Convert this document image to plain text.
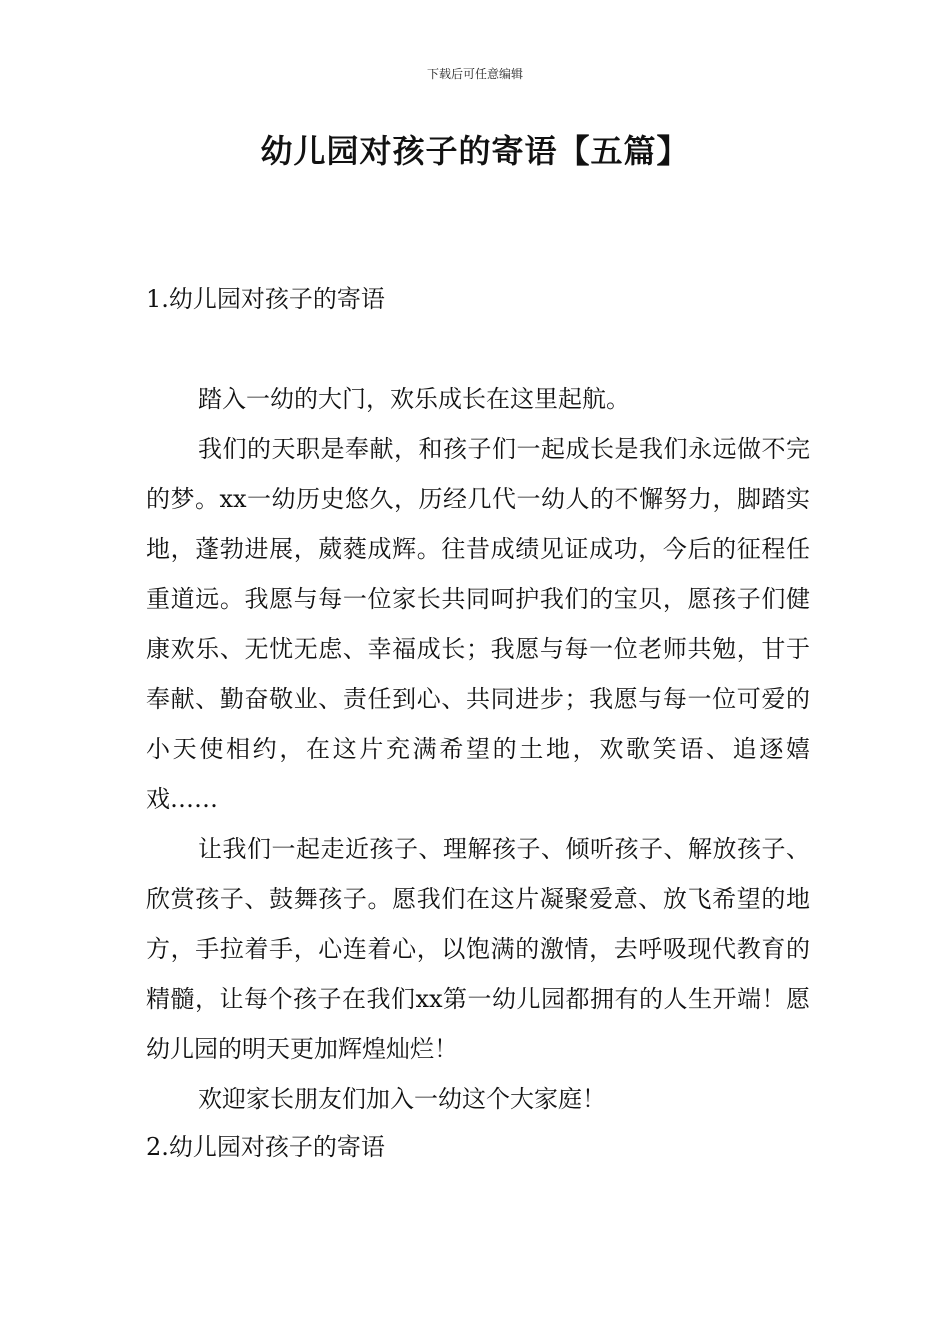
下载后可任意编辑
幼儿园对孩子的寄语【五篇】
1.幼儿园对孩子的寄语

踏入一幼的大门，欢乐成长在这里起航。

我们的天职是奉献，和孩子们一起成长是我们永远做不完的梦。xx一幼历史悠久，历经几代一幼人的不懈努力，脚踏实地，蓬勃进展，葳蕤成辉。往昔成绩见证成功，今后的征程任重道远。我愿与每一位家长共同呵护我们的宝贝，愿孩子们健康欢乐、无忧无虑、幸福成长；我愿与每一位老师共勉，甘于奉献、勤奋敬业、责任到心、共同进步；我愿与每一位可爱的小天使相约，在这片充满希望的土地，欢歌笑语、追逐嬉戏……

让我们一起走近孩子、理解孩子、倾听孩子、解放孩子、欣赏孩子、鼓舞孩子。愿我们在这片凝聚爱意、放飞希望的地方，手拉着手，心连着心，以饱满的激情，去呼吸现代教育的精髓，让每个孩子在我们xx第一幼儿园都拥有的人生开端！愿幼儿园的明天更加辉煌灿烂！

欢迎家长朋友们加入一幼这个大家庭！

2.幼儿园对孩子的寄语
